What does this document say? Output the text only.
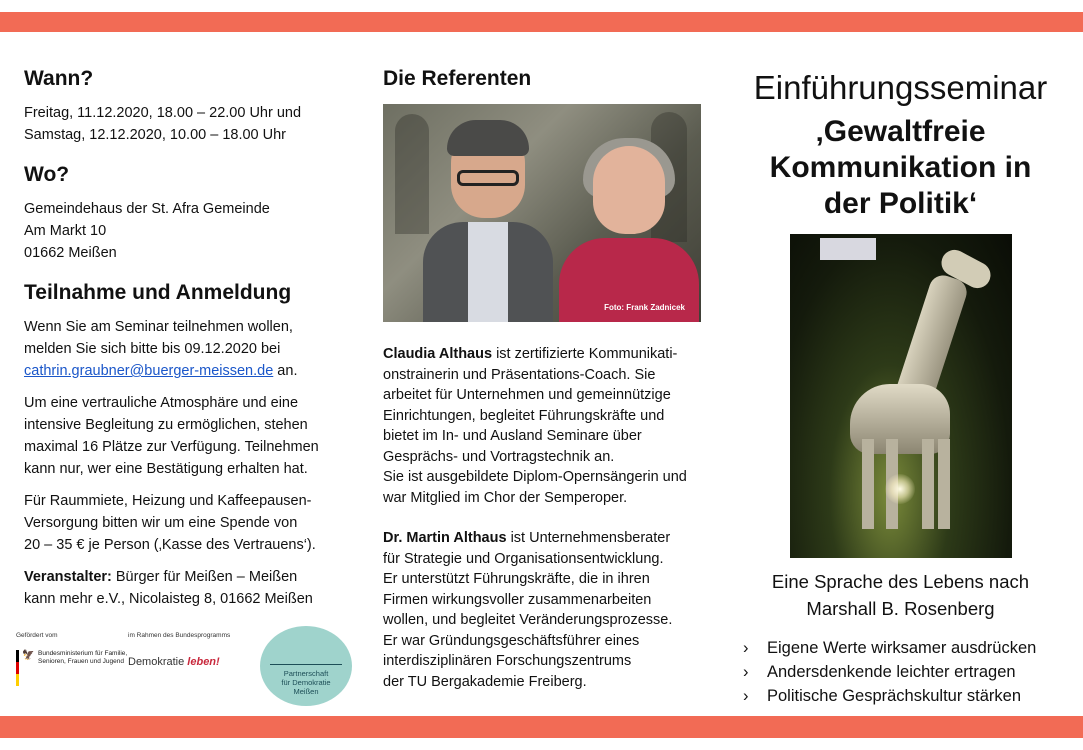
Wann?

Freitag, 11.12.2020, 18.00 – 22.00 Uhr und

Samstag, 12.12.2020, 10.00 – 18.00 Uhr

Wo?

Gemeindehaus der St. Afra Gemeinde

Am Markt 10

01662 Meißen

Teilnahme und Anmeldung

Wenn Sie am Seminar teilnehmen wollen,

melden Sie sich bitte bis 09.12.2020 bei

cathrin.graubner@buerger-meissen.de an.

Um eine vertrauliche Atmosphäre und eine

intensive Begleitung zu ermöglichen, stehen

maximal 16 Plätze zur Verfügung. Teilnehmen

kann nur, wer eine Bestätigung erhalten hat.

Für Raummiete, Heizung und Kaffeepausen-

Versorgung bitten wir um eine Spende von

20 – 35 € je Person (‚Kasse des Vertrauens‘).

Veranstalter: Bürger für Meißen – Meißen

kann mehr e.V., Nicolaisteg 8, 01662 Meißen

Gefördert vom	im Rahmen des Bundesprogramms
🦅 Bundesministerium für Familie, Senioren, Frauen und Jugend Demokratie leben!
Partnerschaft
für Demokratie
Meißen
Die Referenten
Foto: Frank Zadnicek

Claudia Althaus ist zertifizierte Kommunikati-

onstrainerin und Präsentations-Coach. Sie

arbeitet für Unternehmen und gemeinnützige

Einrichtungen, begleitet Führungskräfte und

bietet im In- und Ausland Seminare über

Gesprächs- und Vortragstechnik an.

Sie ist ausgebildete Diplom-Opernsängerin und

war Mitglied im Chor der Semperoper.

Dr. Martin Althaus ist Unternehmensberater

für Strategie und Organisationsentwicklung.

Er unterstützt Führungskräfte, die in ihren

Firmen wirkungsvoller zusammenarbeiten

wollen, und begleitet Veränderungsprozesse.

Er war Gründungsgeschäftsführer eines

interdisziplinären Forschungszentrums

der TU Bergakademie Freiberg.

Einführungsseminar
‚Gewaltfreie
Kommunikation in
der Politik‘
Eine Sprache des Lebens nach
Marshall B. Rosenberg
›	Eigene Werte wirksamer ausdrücken
›	Andersdenkende leichter ertragen
›	Politische Gesprächskultur stärken
